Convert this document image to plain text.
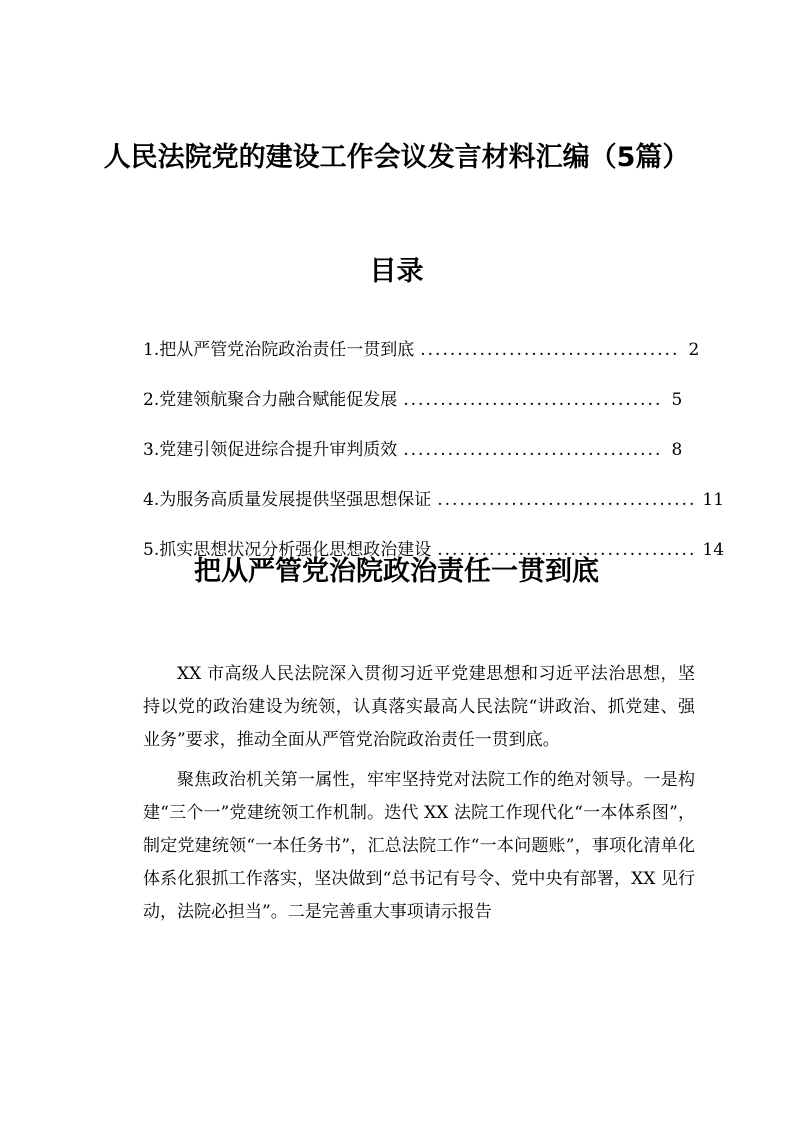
人民法院党的建设工作会议发言材料汇编（5篇）
目录
1.把从严管党治院政治责任一贯到底 ................................... 2
2.党建领航聚合力融合赋能促发展 ................................... 5
3.党建引领促进综合提升审判质效 ................................... 8
4.为服务高质量发展提供坚强思想保证 ................................... 11
5.抓实思想状况分析强化思想政治建设 ................................... 14
把从严管党治院政治责任一贯到底

XX 市高级人民法院深入贯彻习近平党建思想和习近平法治思想，坚持以党的政治建设为统领，认真落实最高人民法院“讲政治、抓党建、强业务”要求，推动全面从严管党治院政治责任一贯到底。

聚焦政治机关第一属性，牢牢坚持党对法院工作的绝对领导。一是构建“三个一”党建统领工作机制。迭代 XX 法院工作现代化“一本体系图”，制定党建统领“一本任务书”，汇总法院工作“一本问题账”，事项化清单化体系化狠抓工作落实，坚决做到“总书记有号令、党中央有部署，XX 见行动，法院必担当”。二是完善重大事项请示报告
